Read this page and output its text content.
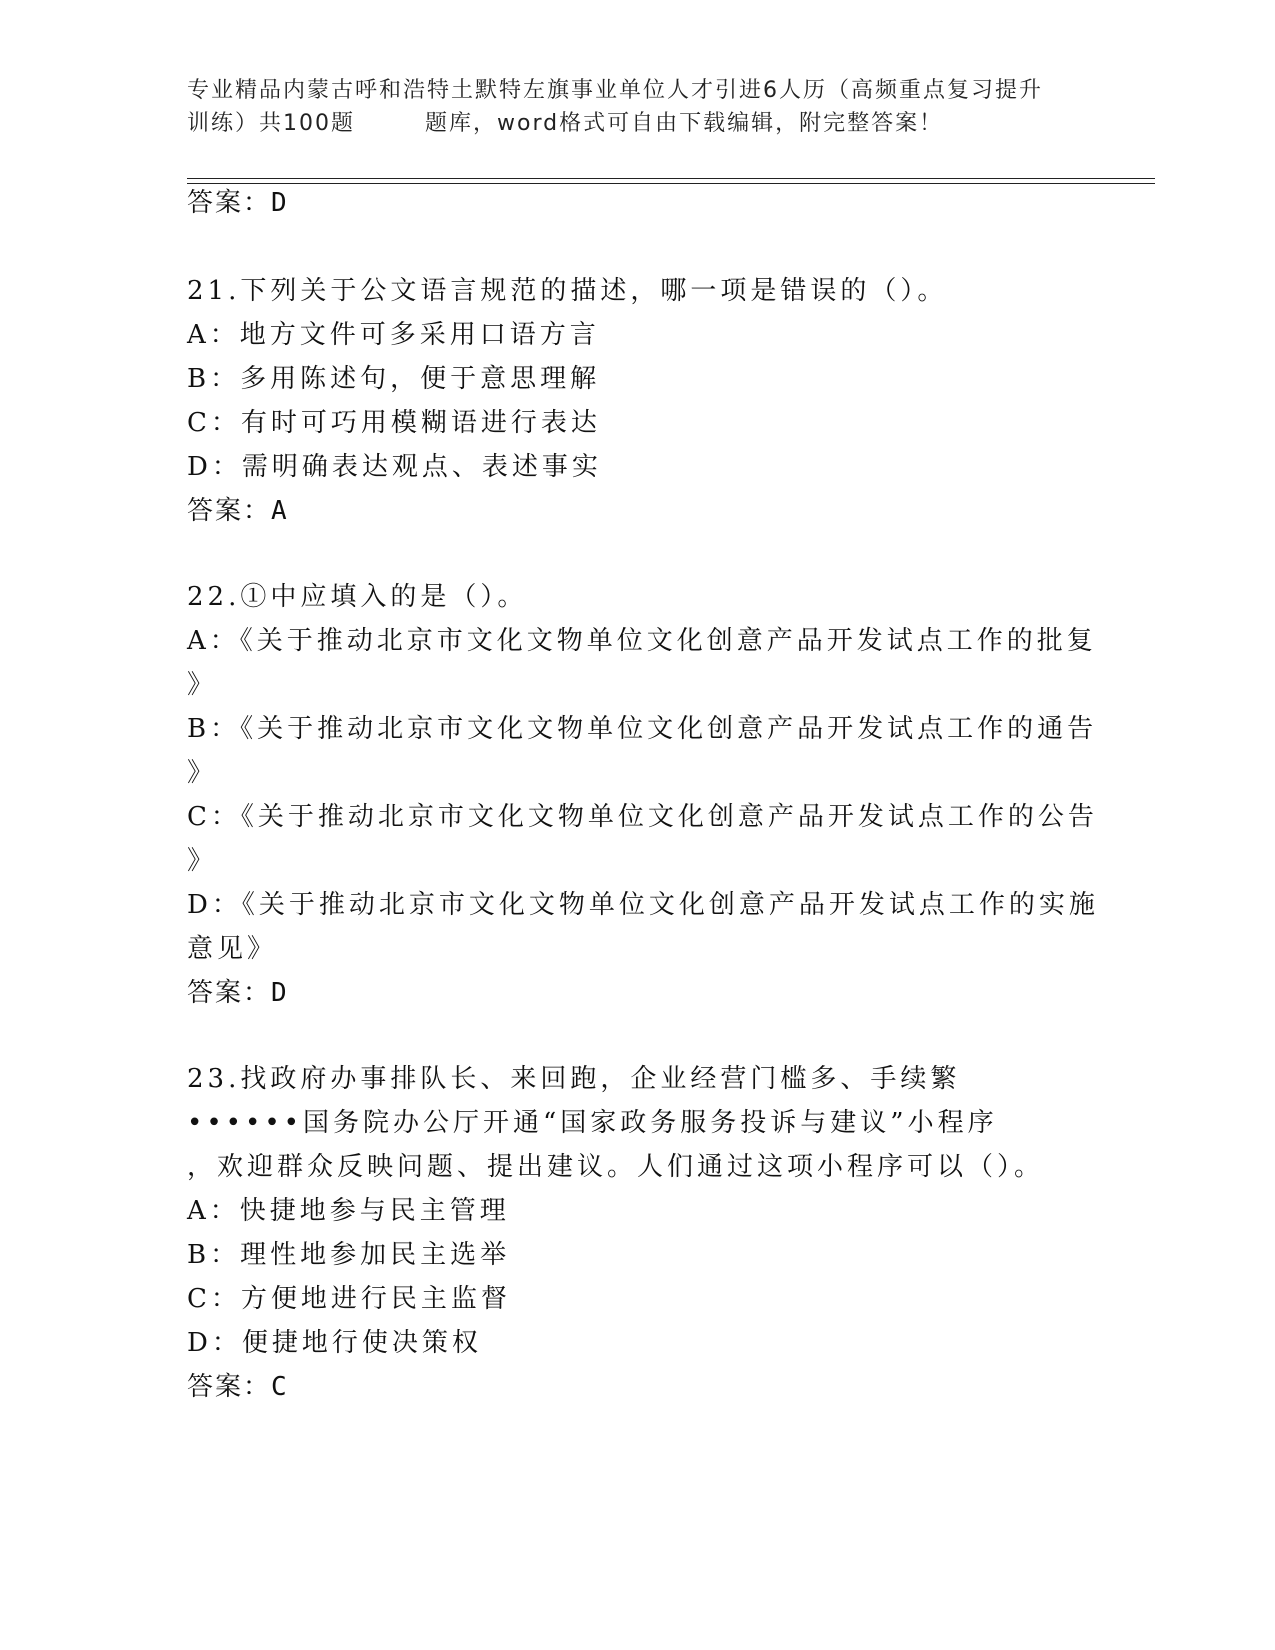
专业精品内蒙古呼和浩特土默特左旗事业单位人才引进6人历（高频重点复习提升
训练）共100题	题库，word格式可自由下载编辑，附完整答案！
答案：D
21.下列关于公文语言规范的描述，哪一项是错误的（）。
A：地方文件可多采用口语方言
B：多用陈述句，便于意思理解
C：有时可巧用模糊语进行表达
D：需明确表达观点、表述事实
答案：A
22.①中应填入的是（）。
A：《关于推动北京市文化文物单位文化创意产品开发试点工作的批复
》
B：《关于推动北京市文化文物单位文化创意产品开发试点工作的通告
》
C：《关于推动北京市文化文物单位文化创意产品开发试点工作的公告
》
D：《关于推动北京市文化文物单位文化创意产品开发试点工作的实施
意见》
答案：D
23.找政府办事排队长、来回跑，企业经营门槛多、手续繁
••••••国务院办公厅开通“国家政务服务投诉与建议”小程序
，欢迎群众反映问题、提出建议。人们通过这项小程序可以（）。
A：快捷地参与民主管理
B：理性地参加民主选举
C：方便地进行民主监督
D：便捷地行使决策权
答案：C
